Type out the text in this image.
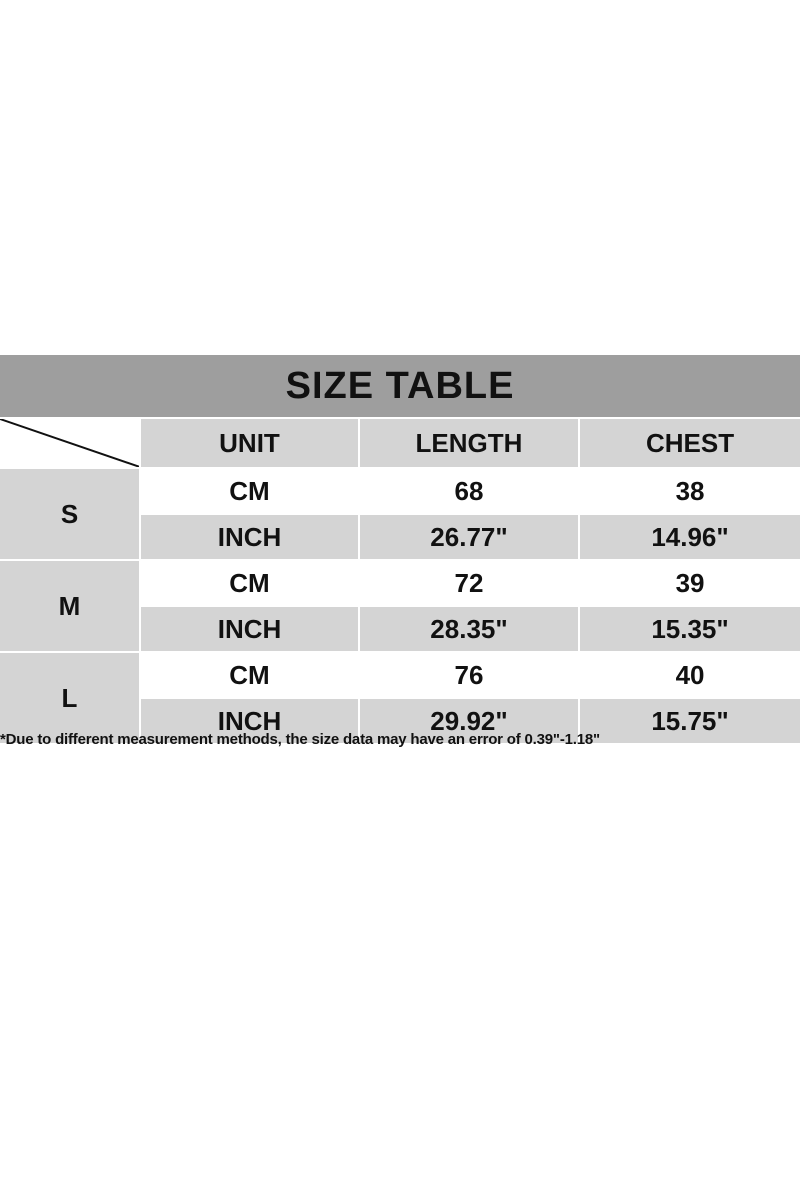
SIZE TABLE			

	UNIT	LENGTH	CHEST
S	CM	68	38
	INCH	26.77"	14.96"
M	CM	72	39
	INCH	28.35"	15.35"
L	CM	76	40
	INCH	29.92"	15.75"
*Due to different measurement methods, the size data may have an error of 0.39"-1.18"
